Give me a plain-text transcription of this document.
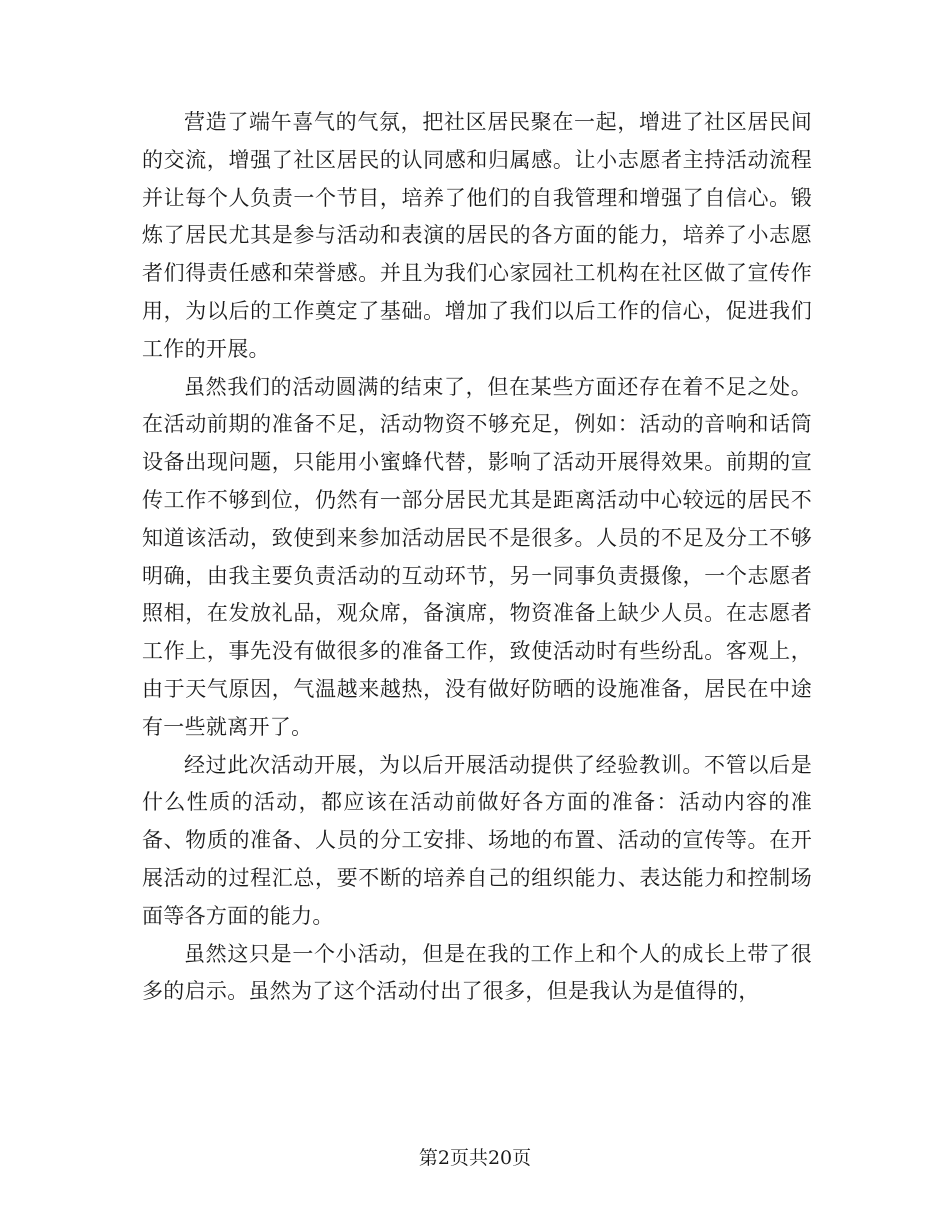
营造了端午喜气的气氛，把社区居民聚在一起，增进了社区居民间的交流，增强了社区居民的认同感和归属感。让小志愿者主持活动流程并让每个人负责一个节目，培养了他们的自我管理和增强了自信心。锻炼了居民尤其是参与活动和表演的居民的各方面的能力，培养了小志愿者们得责任感和荣誉感。并且为我们心家园社工机构在社区做了宣传作用，为以后的工作奠定了基础。增加了我们以后工作的信心，促进我们工作的开展。

虽然我们的活动圆满的结束了，但在某些方面还存在着不足之处。在活动前期的准备不足，活动物资不够充足，例如：活动的音响和话筒设备出现问题，只能用小蜜蜂代替，影响了活动开展得效果。前期的宣传工作不够到位，仍然有一部分居民尤其是距离活动中心较远的居民不知道该活动，致使到来参加活动居民不是很多。人员的不足及分工不够明确，由我主要负责活动的互动环节，另一同事负责摄像，一个志愿者照相，在发放礼品，观众席，备演席，物资准备上缺少人员。在志愿者工作上，事先没有做很多的准备工作，致使活动时有些纷乱。客观上，由于天气原因，气温越来越热，没有做好防晒的设施准备，居民在中途有一些就离开了。

经过此次活动开展，为以后开展活动提供了经验教训。不管以后是什么性质的活动，都应该在活动前做好各方面的准备：活动内容的准备、物质的准备、人员的分工安排、场地的布置、活动的宣传等。在开展活动的过程汇总，要不断的培养自己的组织能力、表达能力和控制场面等各方面的能力。

虽然这只是一个小活动，但是在我的工作上和个人的成长上带了很多的启示。虽然为了这个活动付出了很多，但是我认为是值得的，

第2页共20页
